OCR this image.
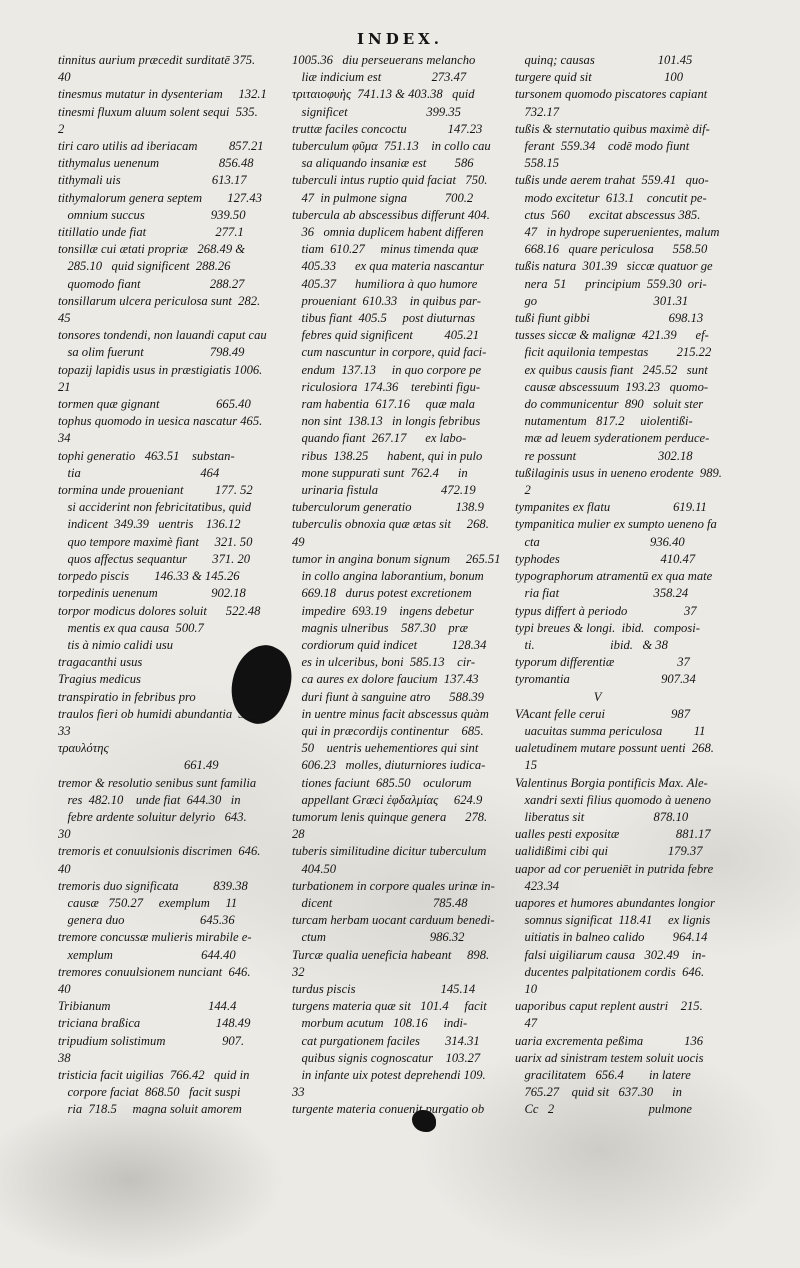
INDEX.
tinnitus aurium præcedit surditatē 375.
40
tinesmus mutatur in dysenteriam     132.1
tinesmi fluxum aluum solent sequi  535.
2
tiri caro utilis ad iberiacam          857.21
tithymalus uenenum                   856.48
tithymali uis                             613.17
tithymalorum genera septem        127.43
omnium succus                     939.50
titillatio unde fiat                      277.1
tonsillæ cui ætati propriæ   268.49 &
285.10   quid significent  288.26
quomodo fiant                      288.27
tonsillarum ulcera periculosa sunt  282.
45
tonsores tondendi, non lauandi caput cau
sa olim fuerunt                     798.49
topazij lapidis usus in præstigiatis 1006.
21
tormen quæ gignant                  665.40
tophus quomodo in uesica nascatur 465.
34
tophi generatio   463.51    substan-
tia                                      464
tormina unde proueniant          177. 52
si acciderint non febricitatibus, quid
indicent  349.39   uentris    136.12
quo tempore maximè fiant     321. 50
quos affectus sequantur        371. 20
torpedo piscis        146.33 & 145.26
torpedinis uenenum                 902.18
torpor modicus dolores soluit      522.48
mentis ex qua causa  500.7
tis à nimio calidi usu
tragacanthi usus
Tragius medicus
transpiratio in febribus pro
traulos fieri ob humidi abundantia  362.
33
τραυλότης
661.49
tremor & resolutio senibus sunt familia
res  482.10    unde fiat  644.30   in
febre ardente soluitur delyrio   643.
30
tremoris et conuulsionis discrimen  646.
40
tremoris duo significata           839.38
causæ   750.27     exemplum     11
genera duo                        645.36
tremore concussæ mulieris mirabile e-
xemplum                            644.40
tremores conuulsionem nunciant  646.
40
Tribianum                               144.4
triciana braßica                        148.49
tripudium solistimum                  907.
38
tristicia facit uigilias  766.42   quid in
corpore faciat  868.50   facit suspi
ria  718.5     magna soluit amorem
1005.36   diu perseuerans melancho
liæ indicium est                273.47
τριταιοφυὴς  741.13 & 403.38   quid
significet                         399.35
truttæ faciles concoctu             147.23
tuberculum φῦμα  751.13    in collo cau
sa aliquando insaniæ est         586
tuberculi intus ruptio quid faciat   750.
47  in pulmone signa            700.2
tubercula ab abscessibus differunt 404.
36   omnia duplicem habent differen
tiam  610.27     minus timenda quæ
405.33      ex qua materia nascantur
405.37      humiliora à quo humore
proueniant  610.33    in quibus par-
tibus fiant  405.5     post diuturnas
febres quid significent          405.21
cum nascuntur in corpore, quid faci-
endum  137.13     in quo corpore pe
riculosiora  174.36    terebinti figu-
ram habentia  617.16     quæ mala
non sint  138.13   in longis febribus
quando fiant  267.17      ex labo-
ribus  138.25      habent, qui in pulo
mone suppurati sunt  762.4      in
urinaria fistula                    472.19
tuberculorum generatio              138.9
tuberculis obnoxia quæ ætas sit     268.
49
tumor in angina bonum signum     265.51
in collo angina laborantium, bonum
669.18   durus potest excretionem
impedire  693.19    ingens debetur
magnis ulneribus    587.30    præ
cordiorum quid indicet           128.34
es in ulceribus, boni  585.13    cir-
ca aures ex dolore faucium  137.43
duri fiunt à sanguine atro      588.39
in uentre minus facit abscessus quàm
qui in præcordijs continentur    685.
50    uentris uehementiores qui sint
606.23   molles, diuturniores iudica-
tiones faciunt  685.50    oculorum
appellant Græci ἐφδαλμίας     624.9
tumorum lenis quinque genera      278.
28
tuberis similitudine dicitur tuberculum
404.50
turbationem in corpore quales urinæ in-
dicent                                785.48
turcam herbam uocant carduum benedi-
ctum                                 986.32
Turcæ qualia ueneficia habeant     898.
32
turdus piscis                           145.14
turgens materia quæ sit   101.4     facit
morbum acutum   108.16     indi-
cat purgationem faciles        314.31
quibus signis cognoscatur    103.27
in infante uix potest deprehendi 109.
33
turgente materia conuenit purgatio ob
quinq; causas                    101.45
turgere quid sit                       100
tursonem quomodo piscatores capiant
732.17
tußis & sternutatio quibus maximè dif-
ferant  559.34    codē modo fiunt
558.15
tußis unde aerem trahat  559.41   quo-
modo excitetur  613.1    concutit pe-
ctus  560      excitat abscessus 385.
47   in hydrope superuenientes, malum
668.16   quare periculosa      558.50
tußis natura  301.39   siccæ quatuor ge
nera  51      principium  559.30  ori-
go                                     301.31
tußi fiunt gibbi                         698.13
tusses siccæ & malignæ  421.39      ef-
ficit aquilonia tempestas         215.22
ex quibus causis fiant   245.52   sunt
causæ abscessuum  193.23   quomo-
do communicentur  890   soluit ster
nutamentum   817.2     uiolentißi-
mæ ad leuem syderationem perduce-
re possunt                          302.18
tußilaginis usus in ueneno erodente  989.
2
tympanites ex flatu                    619.11
tympanitica mulier ex sumpto ueneno fa
cta                                   936.40
typhodes                                410.47
typographorum atramentū ex qua mate
ria fiat                              358.24
typus differt à periodo                  37
typi breues & longi.  ibid.   composi-
ti.                        ibid.   & 38
typorum differentiæ                    37
tyromantia                             907.34
V
VAcant felle cerui                     987
uacuitas summa periculosa          11
ualetudinem mutare possunt uenti  268.
15
Valentinus Borgia pontificis Max. Ale-
xandri sexti filius quomodo à ueneno
liberatus sit                      878.10
ualles pesti expositæ                  881.17
ualidißimi cibi qui                   179.37
uapor ad cor perueniēt in putrida febre
423.34
uapores et humores abundantes longior
somnus significat  118.41     ex lignis
uitiatis in balneo calido         964.14
falsi uigiliarum causa   302.49    in-
ducentes palpitationem cordis  646.
10
uaporibus caput replent austri    215.
47
uaria excrementa peßima             136
uarix ad sinistram testem soluit uocis
gracilitatem   656.4        in latere
765.27    quid sit   637.30      in
Cc   2                              pulmone
